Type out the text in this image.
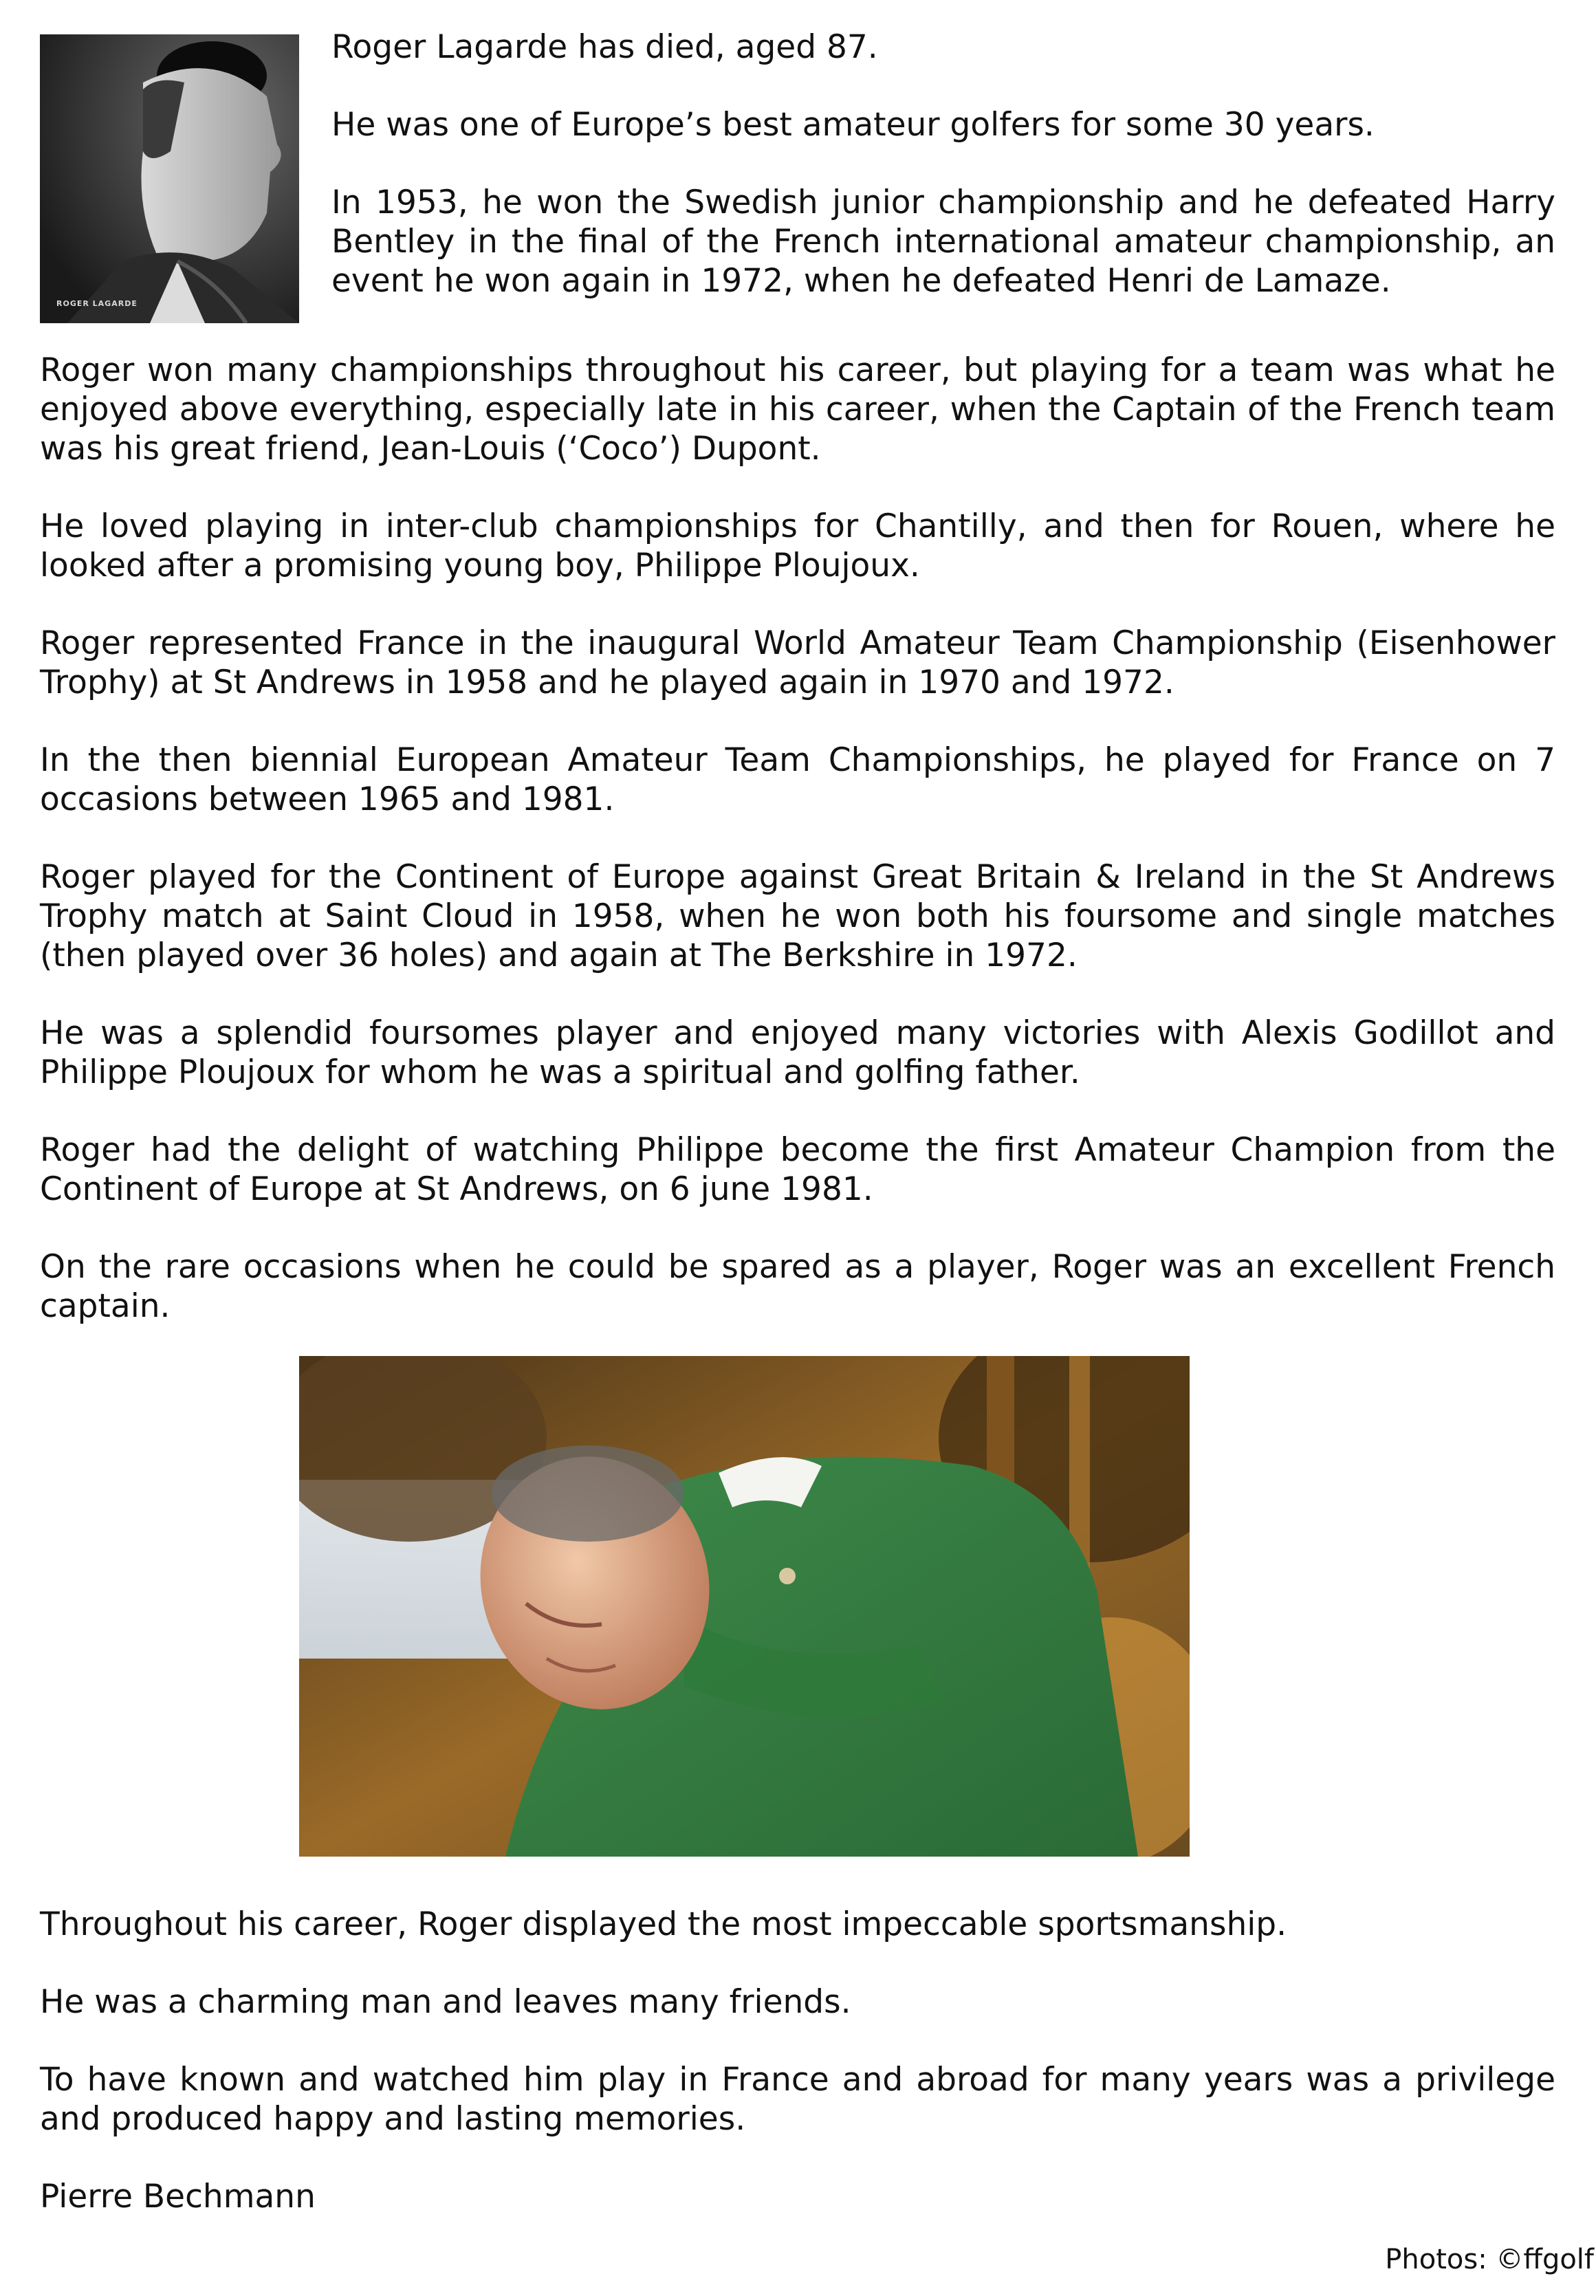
ROGER LAGARDE

Roger Lagarde has died, aged 87.

He was one of Europe’s best amateur golfers for some 30 years.

In 1953, he won the Swedish junior championship and he defeated Harry Bentley in the final of the French international amateur championship, an event he won again in 1972, when he defeated Henri de Lamaze.

Roger won many championships throughout his career, but playing for a team was what he enjoyed above everything, especially late in his career, when the Captain of the French team was his great friend, Jean-Louis (‘Coco’) Dupont.

He loved playing in inter-club championships for Chantilly, and then for Rouen, where he looked after a promising young boy, Philippe Ploujoux.

Roger represented France in the inaugural World Amateur Team Championship (Eisenhower Trophy) at St Andrews in 1958 and he played again in 1970 and 1972.

In the then biennial European Amateur Team Championships, he played for France on 7 occasions between 1965 and 1981.

Roger played for the Continent of Europe against Great Britain & Ireland in the St Andrews Trophy match at Saint Cloud in 1958, when he won both his foursome and single matches (then played over 36 holes) and again at The Berkshire in 1972.

He was a splendid foursomes player and enjoyed many victories with Alexis Godillot and Philippe Ploujoux for whom he was a spiritual and golfing father.

Roger had the delight of watching Philippe become the first Amateur Champion from the Continent of Europe at St Andrews, on 6 june 1981.

On the rare occasions when he could be spared as a player, Roger was an excellent French captain.

Throughout his career, Roger displayed the most impeccable sportsmanship.

He was a charming man and leaves many friends.

To have known and watched him play in France and abroad for many years was a privilege and produced happy and lasting memories.

Pierre Bechmann

Photos: ©ffgolf
